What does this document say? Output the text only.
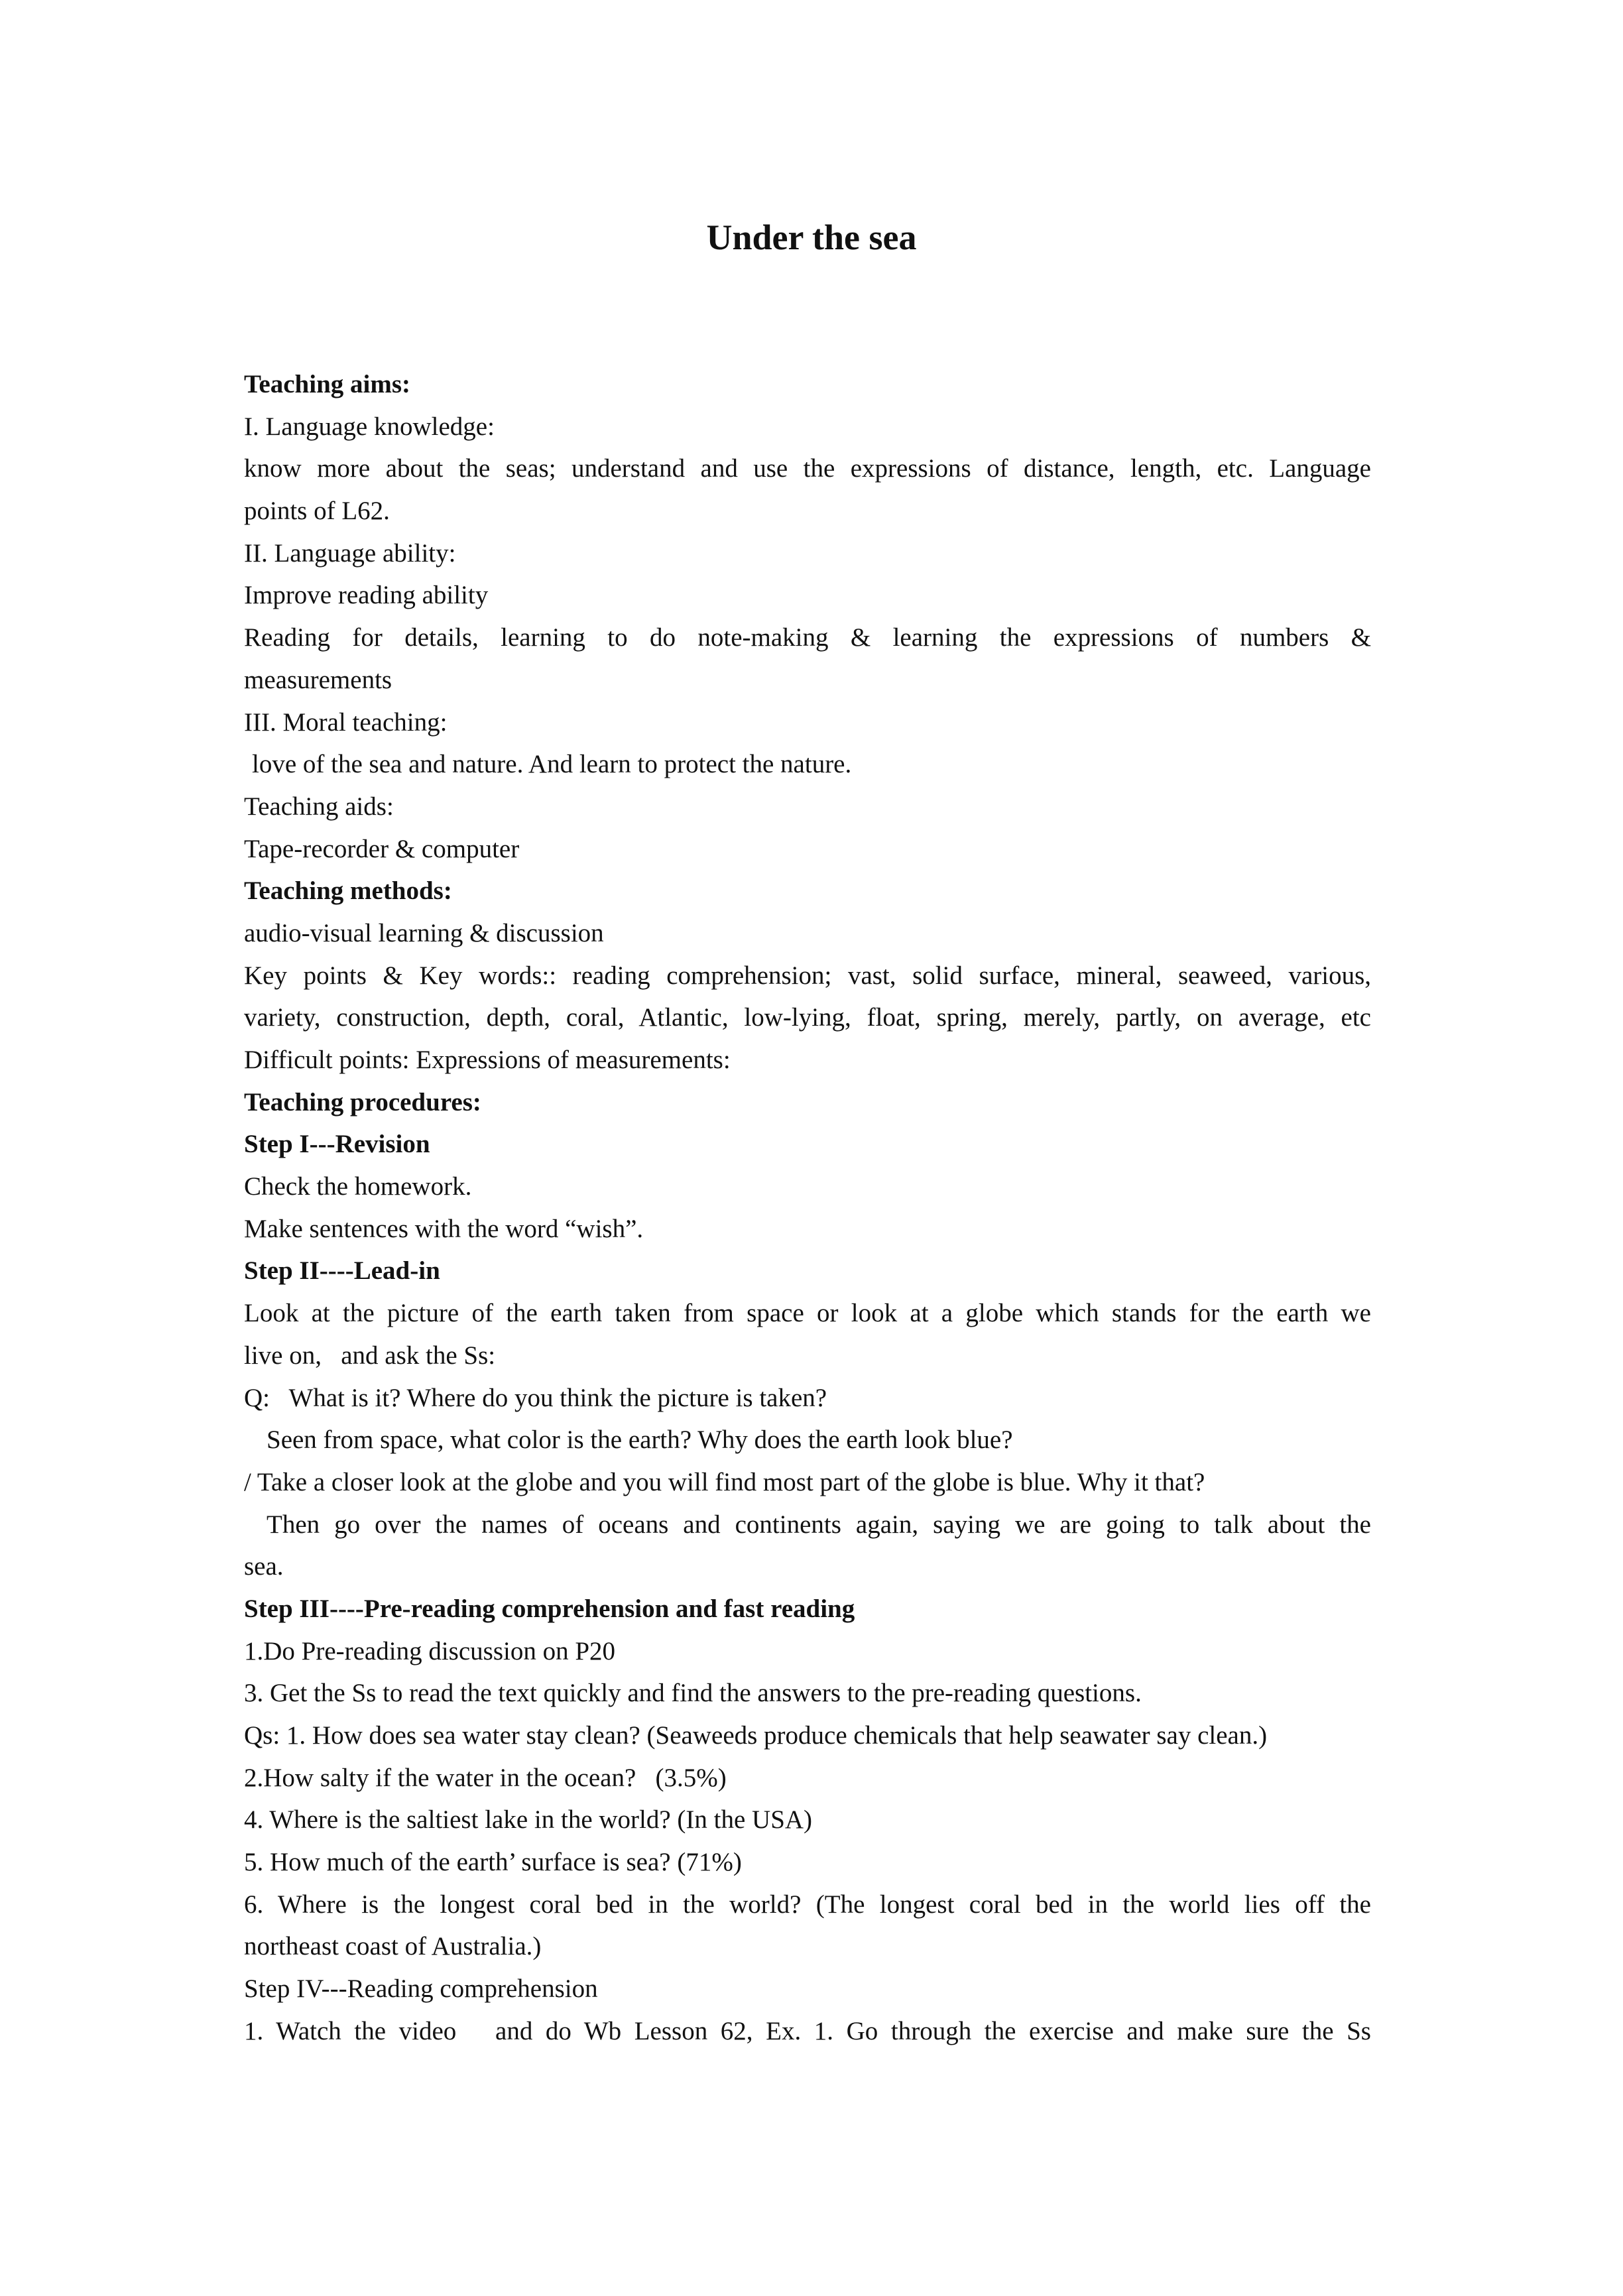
Under the sea
Teaching aims:
I. Language knowledge:
know more about the seas; understand and use the expressions of distance, length, etc. Language
points of L62.
II. Language ability:
Improve reading ability
Reading for details, learning to do note-making & learning the expressions of numbers &
measurements
III. Moral teaching:
love of the sea and nature. And learn to protect the nature.
Teaching aids:
Tape-recorder & computer
Teaching methods:
audio-visual learning & discussion
Key points & Key words:: reading comprehension; vast, solid surface, mineral, seaweed, various,
variety, construction, depth, coral, Atlantic, low-lying, float, spring, merely, partly, on average, etc
Difficult points: Expressions of measurements:
Teaching procedures:
Step I---Revision
Check the homework.
Make sentences with the word “wish”.
Step II----Lead-in
Look at the picture of the earth taken from space or look at a globe which stands for the earth we
live on,   and ask the Ss:
Q:   What is it? Where do you think the picture is taken?
Seen from space, what color is the earth? Why does the earth look blue?
/ Take a closer look at the globe and you will find most part of the globe is blue. Why it that?
Then go over the names of oceans and continents again, saying we are going to talk about the
sea.
Step III----Pre-reading comprehension and fast reading
1.Do Pre-reading discussion on P20
3. Get the Ss to read the text quickly and find the answers to the pre-reading questions.
Qs: 1. How does sea water stay clean? (Seaweeds produce chemicals that help seawater say clean.)
2.How salty if the water in the ocean?   (3.5%)
4. Where is the saltiest lake in the world? (In the USA)
5. How much of the earth’ surface is sea? (71%)
6. Where is the longest coral bed in the world? (The longest coral bed in the world lies off the
northeast coast of Australia.)
Step IV---Reading comprehension
1. Watch the video   and do Wb Lesson 62, Ex. 1. Go through the exercise and make sure the Ss
